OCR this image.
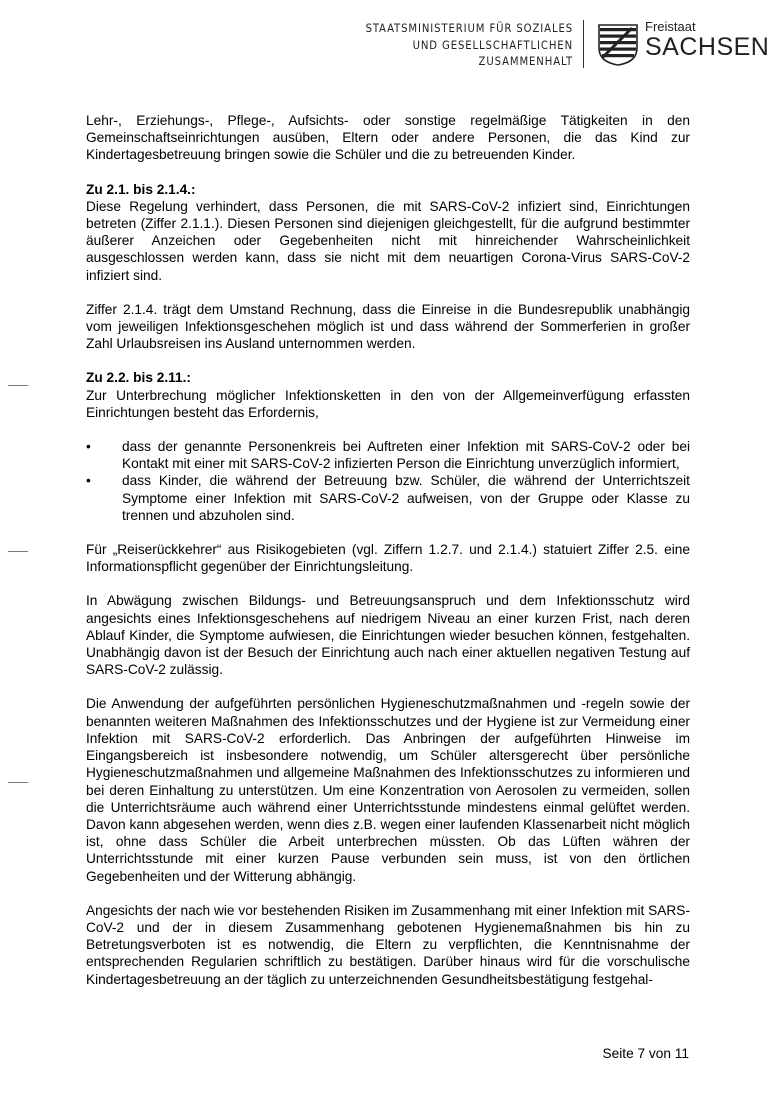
STAATSMINISTERIUM FÜR SOZIALES
UND GESELLSCHAFTLICHEN
ZUSAMMENHALT
Freistaat
SACHSEN

Lehr-, Erziehungs-, Pflege-, Aufsichts- oder sonstige regelmäßige Tätigkeiten in den Gemeinschaftseinrichtungen ausüben, Eltern oder andere Personen, die das Kind zur Kindertagesbetreuung bringen sowie die Schüler und die zu betreuenden Kinder.

Zu 2.1. bis 2.1.4.:

Diese Regelung verhindert, dass Personen, die mit SARS-CoV-2 infiziert sind, Einrichtungen betreten (Ziffer 2.1.1.). Diesen Personen sind diejenigen gleichgestellt, für die aufgrund bestimmter äußerer Anzeichen oder Gegebenheiten nicht mit hinreichender Wahrscheinlichkeit ausgeschlossen werden kann, dass sie nicht mit dem neuartigen Corona-Virus SARS-CoV-2 infiziert sind.

Ziffer 2.1.4. trägt dem Umstand Rechnung, dass die Einreise in die Bundesrepublik unabhängig vom jeweiligen Infektionsgeschehen möglich ist und dass während der Sommerferien in großer Zahl Urlaubsreisen ins Ausland unternommen werden.

Zu 2.2. bis 2.11.:

Zur Unterbrechung möglicher Infektionsketten in den von der Allgemeinverfügung erfassten Einrichtungen besteht das Erfordernis,

• dass der genannte Personenkreis bei Auftreten einer Infektion mit SARS-CoV-2 oder bei Kontakt mit einer mit SARS-CoV-2 infizierten Person die Einrichtung unverzüglich informiert,
• dass Kinder, die während der Betreuung bzw. Schüler, die während der Unterrichtszeit Symptome einer Infektion mit SARS-CoV-2 aufweisen, von der Gruppe oder Klasse zu trennen und abzuholen sind.

Für „Reiserückkehrer“ aus Risikogebieten (vgl. Ziffern 1.2.7. und 2.1.4.) statuiert Ziffer 2.5. eine Informationspflicht gegenüber der Einrichtungsleitung.

In Abwägung zwischen Bildungs- und Betreuungsanspruch und dem Infektionsschutz wird angesichts eines Infektionsgeschehens auf niedrigem Niveau an einer kurzen Frist, nach deren Ablauf Kinder, die Symptome aufwiesen, die Einrichtungen wieder besuchen können, festgehalten. Unabhängig davon ist der Besuch der Einrichtung auch nach einer aktuellen negativen Testung auf SARS-CoV-2 zulässig.

Die Anwendung der aufgeführten persönlichen Hygieneschutzmaßnahmen und -regeln sowie der benannten weiteren Maßnahmen des Infektionsschutzes und der Hygiene ist zur Vermeidung einer Infektion mit SARS-CoV-2 erforderlich. Das Anbringen der aufgeführten Hinweise im Eingangsbereich ist insbesondere notwendig, um Schüler altersgerecht über persönliche Hygieneschutzmaßnahmen und allgemeine Maßnahmen des Infektionsschutzes zu informieren und bei deren Einhaltung zu unterstützen. Um eine Konzentration von Aerosolen zu vermeiden, sollen die Unterrichtsräume auch während einer Unterrichtsstunde mindestens einmal gelüftet werden. Davon kann abgesehen werden, wenn dies z.B. wegen einer laufenden Klassenarbeit nicht möglich ist, ohne dass Schüler die Arbeit unterbrechen müssten. Ob das Lüften währen der Unterrichtsstunde mit einer kurzen Pause verbunden sein muss, ist von den örtlichen Gegebenheiten und der Witterung abhängig.

Angesichts der nach wie vor bestehenden Risiken im Zusammenhang mit einer Infektion mit SARS-CoV-2 und der in diesem Zusammenhang gebotenen Hygienemaßnahmen bis hin zu Betretungsverboten ist es notwendig, die Eltern zu verpflichten, die Kenntnisnahme der entsprechenden Regularien schriftlich zu bestätigen. Darüber hinaus wird für die vorschulische Kindertagesbetreuung an der täglich zu unterzeichnenden Gesundheitsbestätigung festgehal-

Seite 7 von 11
